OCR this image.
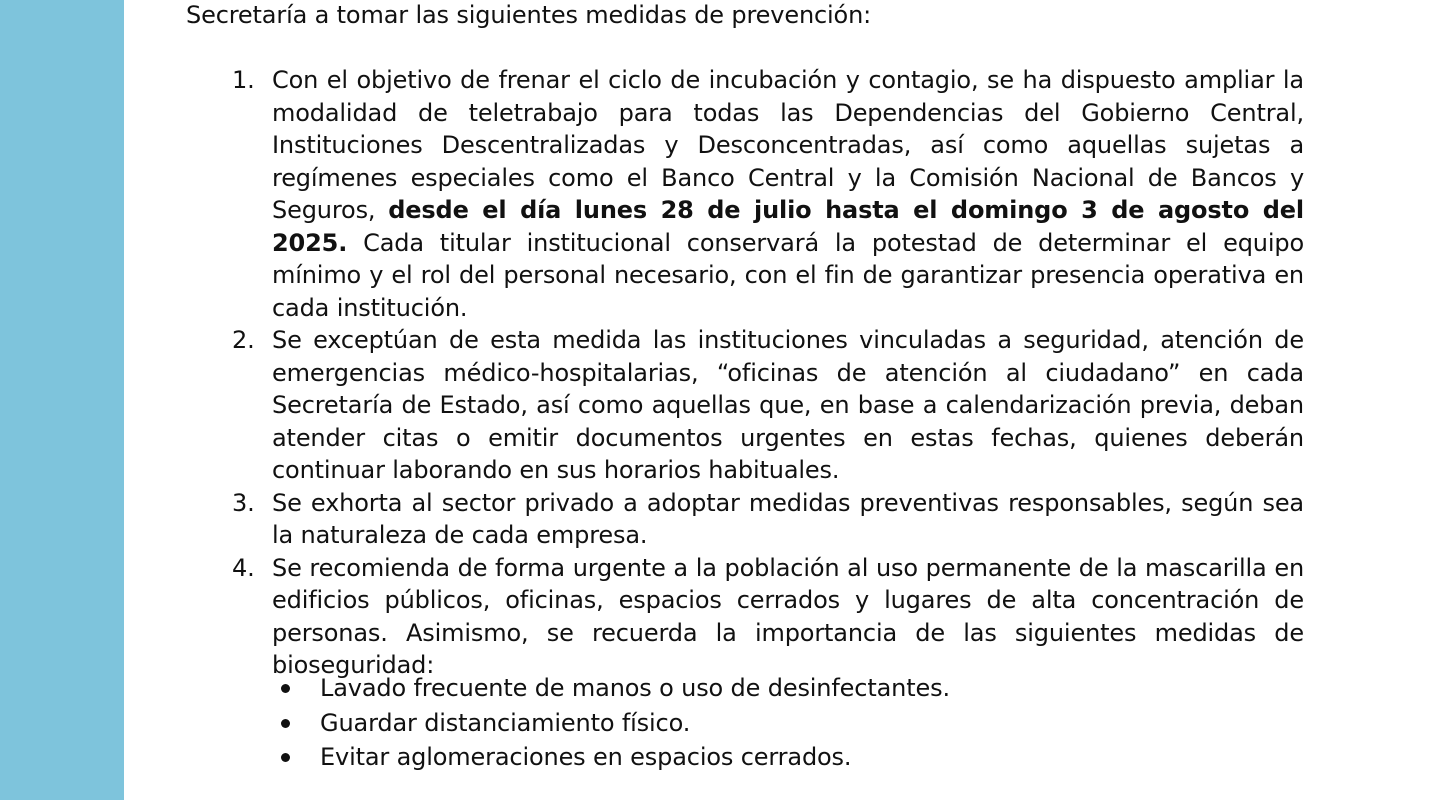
Secretaría a tomar las siguientes medidas de prevención:

1. Con el objetivo de frenar el ciclo de incubación y contagio, se ha dispuesto ampliar la modalidad de teletrabajo para todas las Dependencias del Gobierno Central, Instituciones Descentralizadas y Desconcentradas, así como aquellas sujetas a regímenes especiales como el Banco Central y la Comisión Nacional de Bancos y Seguros, desde el día lunes 28 de julio hasta el domingo 3 de agosto del 2025. Cada titular institucional conservará la potestad de determinar el equipo mínimo y el rol del personal necesario, con el fin de garantizar presencia operativa en cada institución.
2. Se exceptúan de esta medida las instituciones vinculadas a seguridad, atención de emergencias médico-hospitalarias, “oficinas de atención al ciudadano” en cada Secretaría de Estado, así como aquellas que, en base a calendarización previa, deban atender citas o emitir documentos urgentes en estas fechas, quienes deberán continuar laborando en sus horarios habituales.
3. Se exhorta al sector privado a adoptar medidas preventivas responsables, según sea la naturaleza de cada empresa.
4. Se recomienda de forma urgente a la población al uso permanente de la mascarilla en edificios públicos, oficinas, espacios cerrados y lugares de alta concentración de personas. Asimismo, se recuerda la importancia de las siguientes medidas de bioseguridad:
Lavado frecuente de manos o uso de desinfectantes.
Guardar distanciamiento físico.
Evitar aglomeraciones en espacios cerrados.
